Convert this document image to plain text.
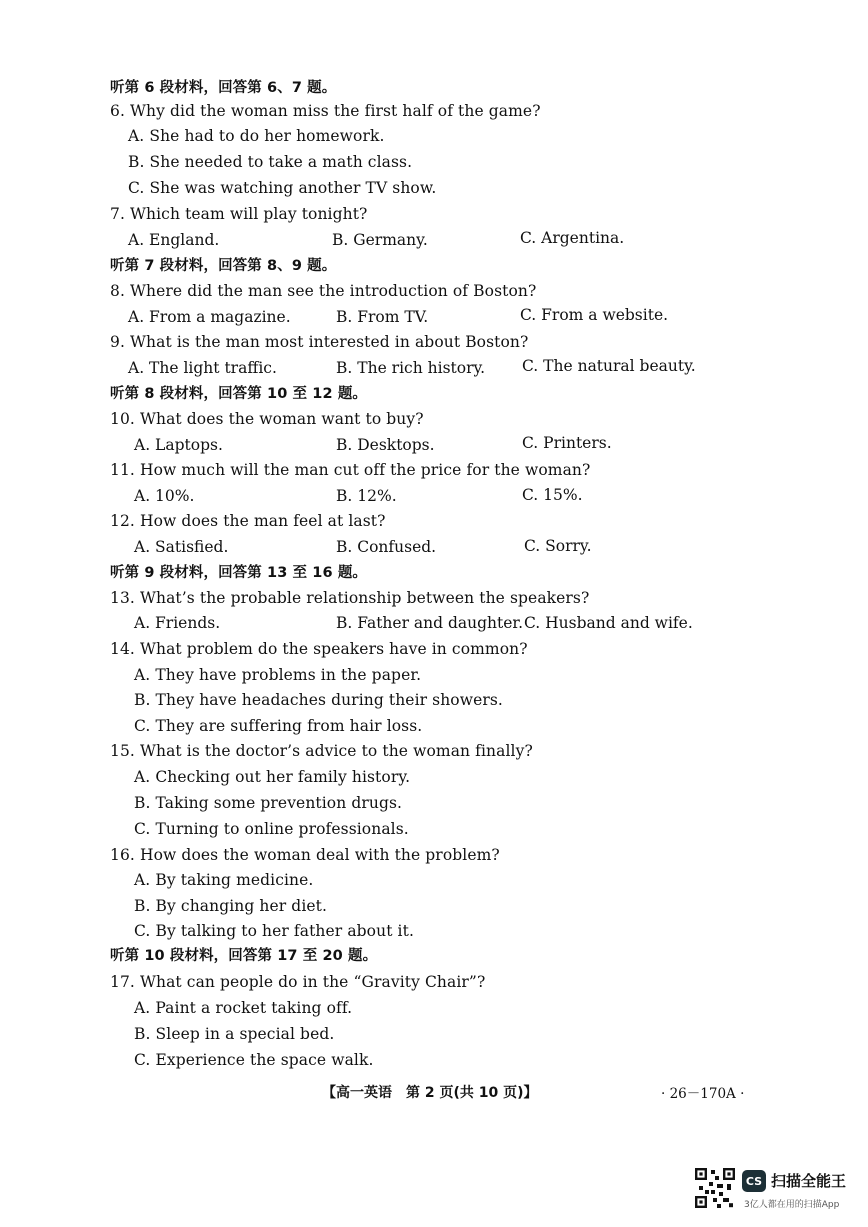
听第 6 段材料，回答第 6、7 题。
6. Why did the woman miss the first half of the game?
A. She had to do her homework.
B. She needed to take a math class.
C. She was watching another TV show.
7. Which team will play tonight?
A. England.	B. Germany.	C. Argentina.
听第 7 段材料，回答第 8、9 题。
8. Where did the man see the introduction of Boston?
A. From a magazine.	B. From TV.	C. From a website.
9. What is the man most interested in about Boston?
A. The light traffic.	B. The rich history. C. The natural beauty.
听第 8 段材料，回答第 10 至 12 题。
10. What does the woman want to buy?
A. Laptops.	B. Desktops.	C. Printers.
11. How much will the man cut off the price for the woman?
A. 10%.	B. 12%.	C. 15%.
12. How does the man feel at last?
A. Satisfied.	B. Confused.	C. Sorry.
听第 9 段材料，回答第 13 至 16 题。
13. What’s the probable relationship between the speakers?
A. Friends.	B. Father and daughter. C. Husband and wife.
14. What problem do the speakers have in common?
A. They have problems in the paper.
B. They have headaches during their showers.
C. They are suffering from hair loss.
15. What is the doctor’s advice to the woman finally?
A. Checking out her family history.
B. Taking some prevention drugs.
C. Turning to online professionals.
16. How does the woman deal with the problem?
A. By taking medicine.
B. By changing her diet.
C. By talking to her father about it.
听第 10 段材料，回答第 17 至 20 题。
17. What can people do in the “Gravity Chair”?
A. Paint a rocket taking off.
B. Sleep in a special bed.
C. Experience the space walk.
【高一英语　第 2 页(共 10 页)】	· 26－170A ·
CS 扫描全能王
3亿人都在用的扫描App
